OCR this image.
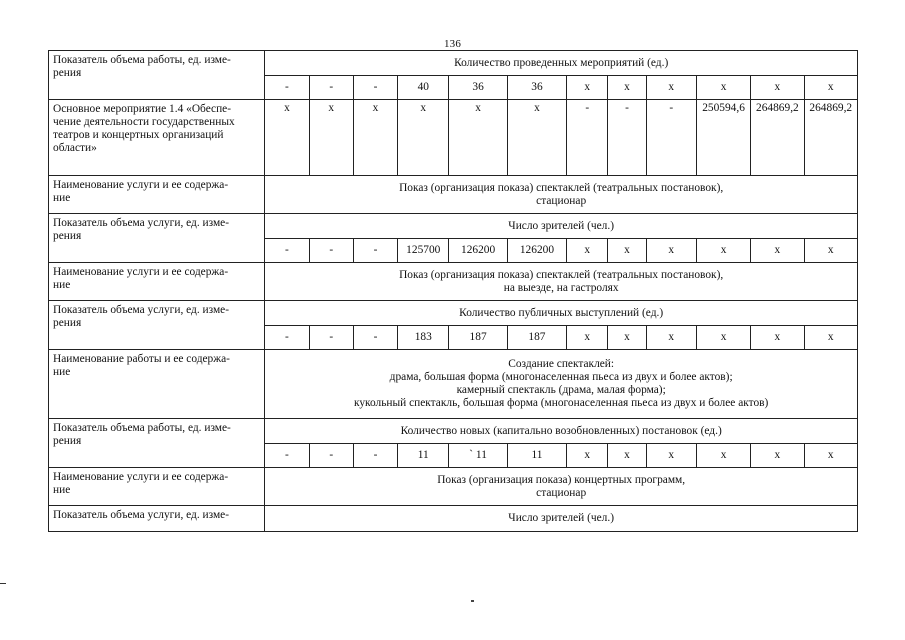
136
Показатель объема работы, ед. изме-
рения	Количество проведенных мероприятий (ед.)											

	-	-	-	40	36	36	х	х	х	х	х	х

Основное мероприятие 1.4 «Обеспе-
чение деятельности государственных
театров и концертных организаций
области»	х	х	х	х	х	х	-	-	-	250594,6	264869,2	264869,2

Наименование услуги и ее содержа-
ние	Показ (организация показа) спектаклей (театральных постановок),
стационар											

Показатель объема услуги, ед. изме-
рения	Число зрителей (чел.)											

	-	-	-	125700	126200	126200	х	х	х	х	х	х

Наименование услуги и ее содержа-
ние	Показ (организация показа) спектаклей (театральных постановок),
на выезде, на гастролях											

Показатель объема услуги, ед. изме-
рения	Количество публичных выступлений (ед.)											

	-	-	-	183	187	187	х	х	х	х	х	х

Наименование работы и ее содержа-
ние	Создание спектаклей:
драма, большая форма (многонаселенная пьеса из двух и более актов);
камерный спектакль (драма, малая форма);
кукольный спектакль, большая форма (многонаселенная пьеса из двух и более актов)											

Показатель объема работы, ед. изме-
рения	Количество новых (капитально возобновленных) постановок (ед.)											

	-	-	-	11	` 11	11	х	х	х	х	х	х

Наименование услуги и ее содержа-
ние	Показ (организация показа) концертных программ,
стационар											

Показатель объема услуги, ед. изме-	Число зрителей (чел.)											
